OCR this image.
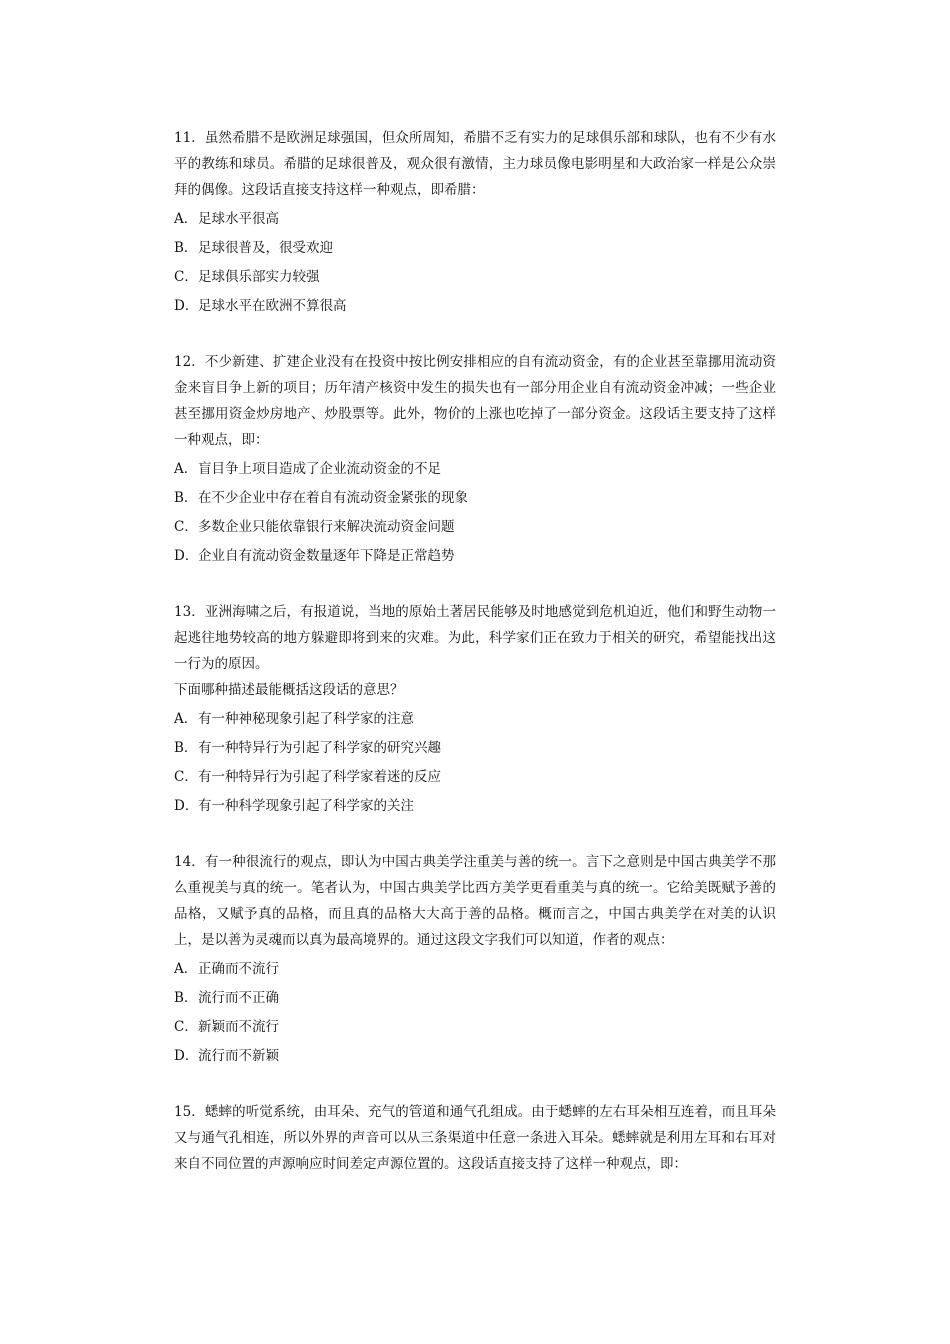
11．虽然希腊不是欧洲足球强国，但众所周知，希腊不乏有实力的足球俱乐部和球队，也有不少有水平的教练和球员。希腊的足球很普及，观众很有激情，主力球员像电影明星和大政治家一样是公众崇拜的偶像。这段话直接支持这样一种观点，即希腊：

A．足球水平很高
B．足球很普及，很受欢迎
C．足球俱乐部实力较强
D．足球水平在欧洲不算很高

12．不少新建、扩建企业没有在投资中按比例安排相应的自有流动资金，有的企业甚至靠挪用流动资金来盲目争上新的项目；历年清产核资中发生的损失也有一部分用企业自有流动资金冲减；一些企业甚至挪用资金炒房地产、炒股票等。此外，物价的上涨也吃掉了一部分资金。这段话主要支持了这样一种观点，即：

A．盲目争上项目造成了企业流动资金的不足
B．在不少企业中存在着自有流动资金紧张的现象
C．多数企业只能依靠银行来解决流动资金问题
D．企业自有流动资金数量逐年下降是正常趋势

13．亚洲海啸之后，有报道说，当地的原始土著居民能够及时地感觉到危机迫近，他们和野生动物一起逃往地势较高的地方躲避即将到来的灾难。为此，科学家们正在致力于相关的研究，希望能找出这一行为的原因。

下面哪种描述最能概括这段话的意思？

A．有一种神秘现象引起了科学家的注意
B．有一种特异行为引起了科学家的研究兴趣
C．有一种特异行为引起了科学家着迷的反应
D．有一种科学现象引起了科学家的关注

14．有一种很流行的观点，即认为中国古典美学注重美与善的统一。言下之意则是中国古典美学不那么重视美与真的统一。笔者认为，中国古典美学比西方美学更看重美与真的统一。它给美既赋予善的品格，又赋予真的品格，而且真的品格大大高于善的品格。概而言之，中国古典美学在对美的认识上，是以善为灵魂而以真为最高境界的。通过这段文字我们可以知道，作者的观点：

A．正确而不流行
B．流行而不正确
C．新颖而不流行
D．流行而不新颖

15．蟋蟀的听觉系统，由耳朵、充气的管道和通气孔组成。由于蟋蟀的左右耳朵相互连着，而且耳朵又与通气孔相连，所以外界的声音可以从三条渠道中任意一条进入耳朵。蟋蟀就是利用左耳和右耳对来自不同位置的声源响应时间差定声源位置的。这段话直接支持了这样一种观点，即：
